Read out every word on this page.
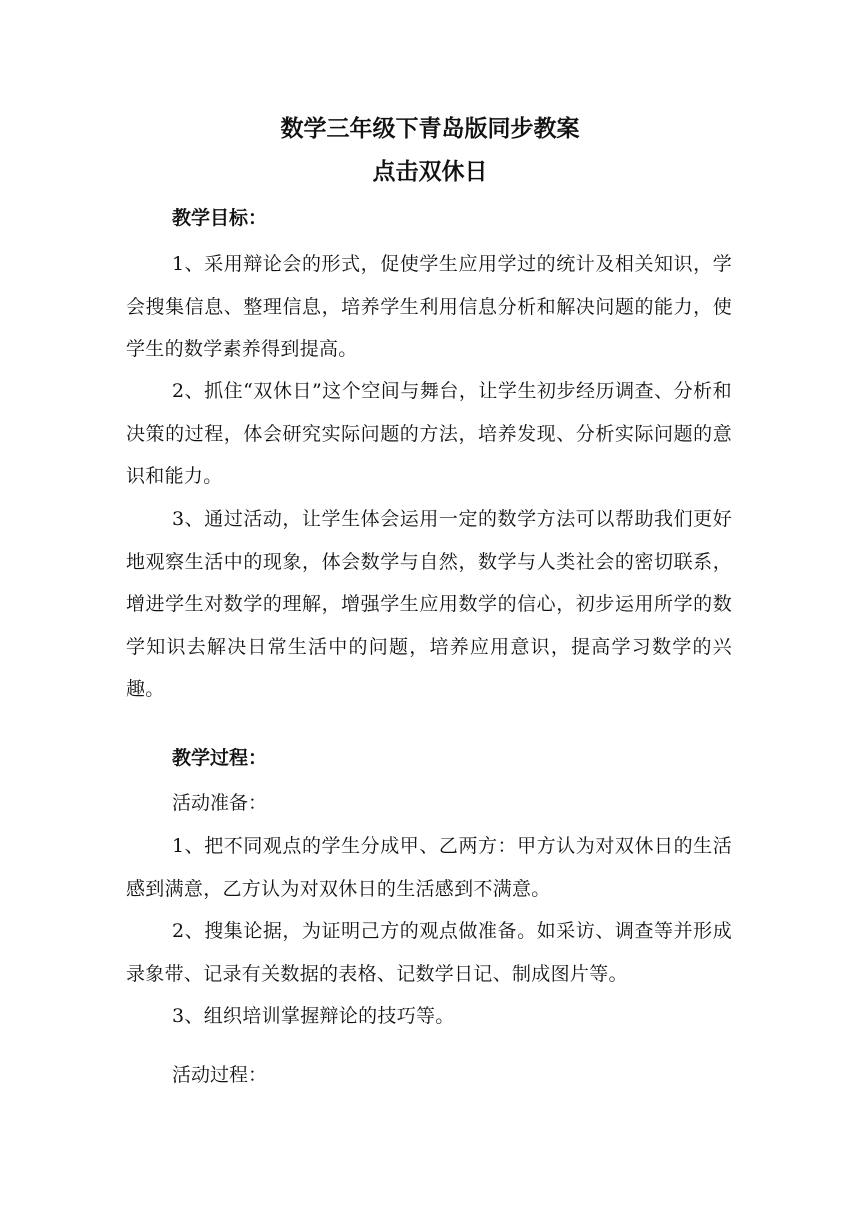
数学三年级下青岛版同步教案
点击双休日
教学目标：

1、采用辩论会的形式，促使学生应用学过的统计及相关知识，学会搜集信息、整理信息，培养学生利用信息分析和解决问题的能力，使学生的数学素养得到提高。

2、抓住“双休日”这个空间与舞台，让学生初步经历调查、分析和决策的过程，体会研究实际问题的方法，培养发现、分析实际问题的意识和能力。

3、通过活动，让学生体会运用一定的数学方法可以帮助我们更好地观察生活中的现象，体会数学与自然，数学与人类社会的密切联系，增进学生对数学的理解，增强学生应用数学的信心，初步运用所学的数学知识去解决日常生活中的问题，培养应用意识，提高学习数学的兴趣。

教学过程：
活动准备：

1、把不同观点的学生分成甲、乙两方：甲方认为对双休日的生活感到满意，乙方认为对双休日的生活感到不满意。

2、搜集论据，为证明己方的观点做准备。如采访、调查等并形成录象带、记录有关数据的表格、记数学日记、制成图片等。

3、组织培训掌握辩论的技巧等。

活动过程：
